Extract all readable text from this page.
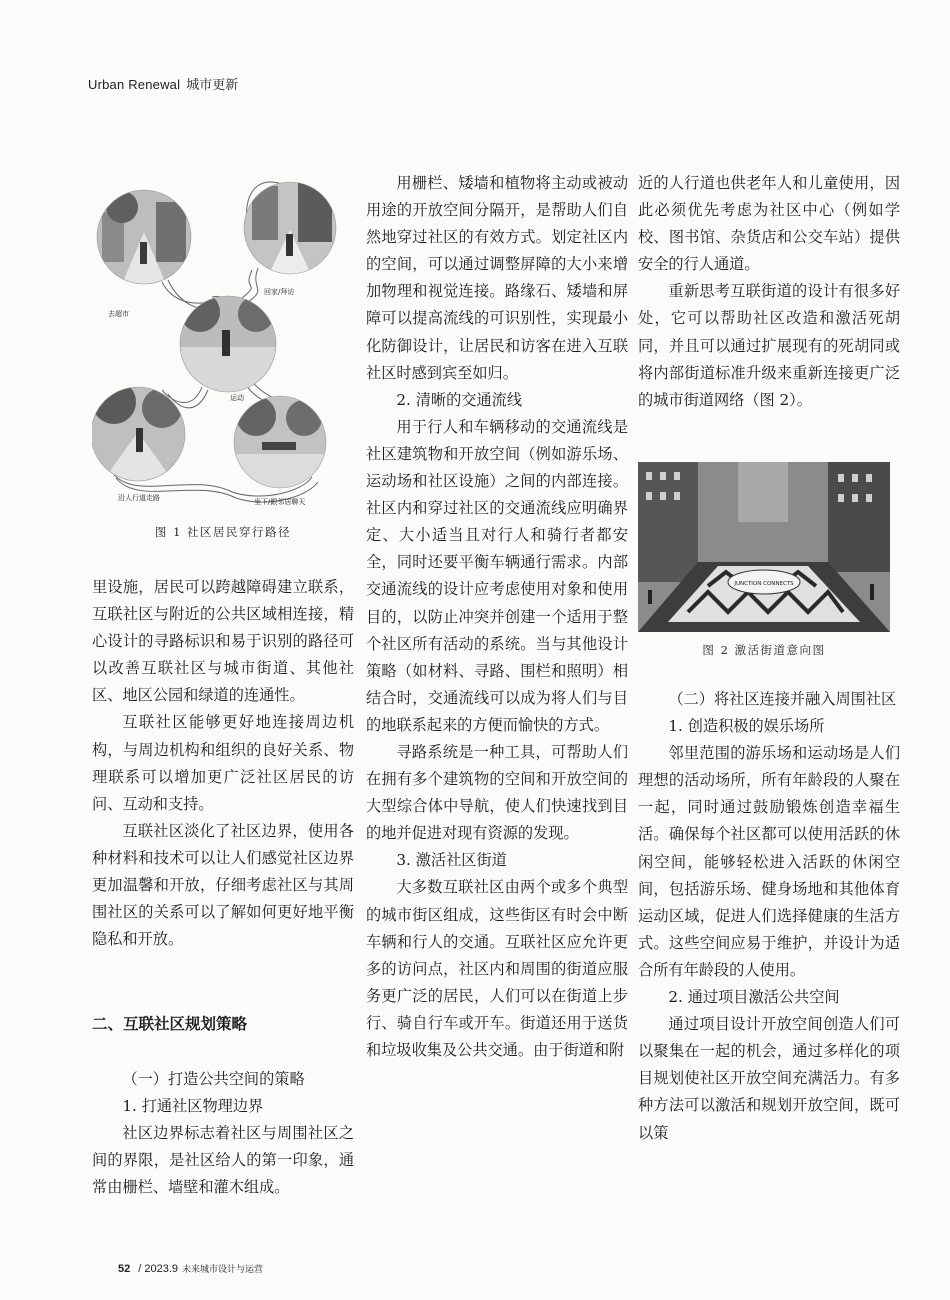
Urban Renewal 城市更新
去超市
回家/拜访
运动
沿人行道走路	坐下/跟邻居聊天
图 1 社区居民穿行路径

里设施，居民可以跨越障碍建立联系，互联社区与附近的公共区域相连接，精心设计的寻路标识和易于识别的路径可以改善互联社区与城市街道、其他社区、地区公园和绿道的连通性。

互联社区能够更好地连接周边机构，与周边机构和组织的良好关系、物理联系可以增加更广泛社区居民的访问、互动和支持。

互联社区淡化了社区边界，使用各种材料和技术可以让人们感觉社区边界更加温馨和开放，仔细考虑社区与其周围社区的关系可以了解如何更好地平衡隐私和开放。

二、互联社区规划策略

（一）打造公共空间的策略

1. 打通社区物理边界

社区边界标志着社区与周围社区之间的界限，是社区给人的第一印象，通常由栅栏、墙壁和灌木组成。

用栅栏、矮墙和植物将主动或被动用途的开放空间分隔开，是帮助人们自然地穿过社区的有效方式。划定社区内的空间，可以通过调整屏障的大小来增加物理和视觉连接。路缘石、矮墙和屏障可以提高流线的可识别性，实现最小化防御设计，让居民和访客在进入互联社区时感到宾至如归。

2. 清晰的交通流线

用于行人和车辆移动的交通流线是社区建筑物和开放空间（例如游乐场、运动场和社区设施）之间的内部连接。社区内和穿过社区的交通流线应明确界定、大小适当且对行人和骑行者都安全，同时还要平衡车辆通行需求。内部交通流线的设计应考虑使用对象和使用目的，以防止冲突并创建一个适用于整个社区所有活动的系统。当与其他设计策略（如材料、寻路、围栏和照明）相结合时，交通流线可以成为将人们与目的地联系起来的方便而愉快的方式。

寻路系统是一种工具，可帮助人们在拥有多个建筑物的空间和开放空间的大型综合体中导航，使人们快速找到目的地并促进对现有资源的发现。

3. 激活社区街道

大多数互联社区由两个或多个典型的城市街区组成，这些街区有时会中断车辆和行人的交通。互联社区应允许更多的访问点，社区内和周围的街道应服务更广泛的居民，人们可以在街道上步行、骑自行车或开车。街道还用于送货和垃圾收集及公共交通。由于街道和附

近的人行道也供老年人和儿童使用，因此必须优先考虑为社区中心（例如学校、图书馆、杂货店和公交车站）提供安全的行人通道。

重新思考互联街道的设计有很多好处，它可以帮助社区改造和激活死胡同，并且可以通过扩展现有的死胡同或将内部街道标准升级来重新连接更广泛的城市街道网络（图 2）。

JUNCTION CONNECTS
图 2 激活街道意向图

（二）将社区连接并融入周围社区

1. 创造积极的娱乐场所

邻里范围的游乐场和运动场是人们理想的活动场所，所有年龄段的人聚在一起，同时通过鼓励锻炼创造幸福生活。确保每个社区都可以使用活跃的休闲空间，能够轻松进入活跃的休闲空间，包括游乐场、健身场地和其他体育运动区域，促进人们选择健康的生活方式。这些空间应易于维护，并设计为适合所有年龄段的人使用。

2. 通过项目激活公共空间

通过项目设计开放空间创造人们可以聚集在一起的机会，通过多样化的项目规划使社区开放空间充满活力。有多种方法可以激活和规划开放空间，既可以策

52 / 2023.9 未来城市设计与运营
